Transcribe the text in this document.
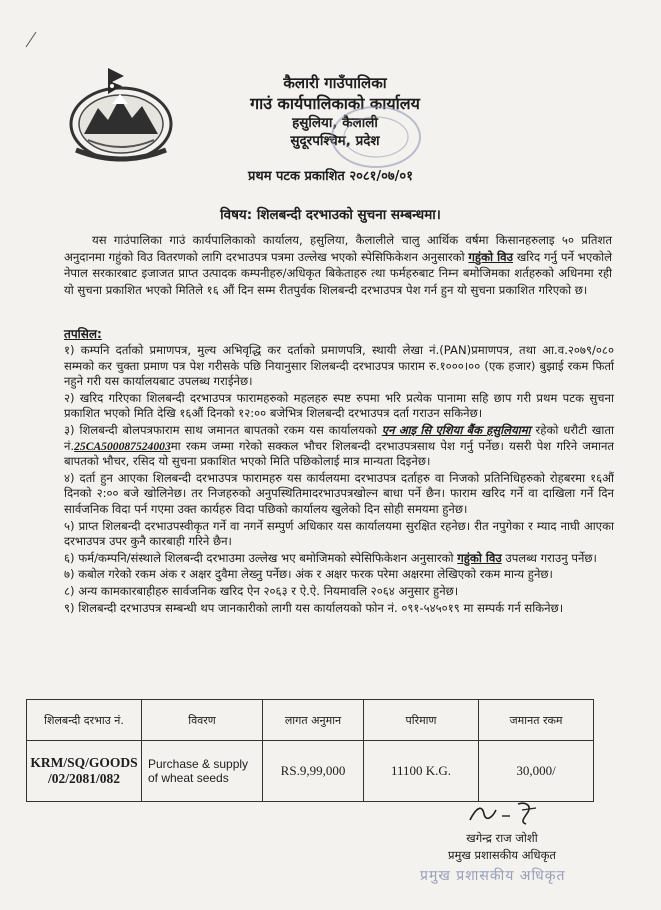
कैलारी गाउँपालिका
गाउं कार्यपालिकाको कार्यालय
हसुलिया, कैलाली
सुदूरपश्चिम, प्रदेश
प्रथम पटक प्रकाशित २०८१/०७/०१
विषय: शिलबन्दी दरभाउको सुचना सम्बन्धमा।
यस गाउंपालिका गाउं कार्यपालिकाको कार्यालय, हसुलिया, कैलालीले चालु आर्थिक वर्षमा किसानहरुलाइ ५० प्रतिशत अनुदानमा गहुंको विउ वितरणको लागि दरभाउपत्र पत्रमा उल्लेख भएको स्पेसिफिकेशन अनुसारको गहुंको विउ खरिद गर्नु पर्ने भएकोले नेपाल सरकारबाट इजाजत प्राप्त उत्पादक कम्पनीहरु/अधिकृत बिकेताहरु त्था फर्महरुबाट निम्न बमोजिमका शर्तहरुको अधिनमा रही यो सुचना प्रकाशित भएको मितिले १६ औं दिन सम्म रीतपुर्वक शिलबन्दी दरभाउपत्र पेश गर्न हुन यो सुचना प्रकाशित गरिएको छ।
तपसिल:

१) कम्पनि दर्ताको प्रमाणपत्र, मुल्य अभिवृद्धि कर दर्ताको प्रमाणपत्रि, स्थायी लेखा नं.(PAN)प्रमाणपत्र, तथा आ.व.२०७९/०८० सम्मको कर चुक्ता प्रमाण पत्र पेश गरीसके पछि नियानुसार शिलबन्दी दरभाउपत्र फाराम रु.१०००।०० (एक हजार) बुझाई रकम फिर्ता नहुने गरी यस कार्यालयबाट उपलब्ध गराईनेछ।

२) खरिद गरिएका शिलबन्दी दरभाउपत्र फारामहरुको महलहरु स्पष्ट रुपमा भरि प्रत्येक पानामा सहि छाप गरी प्रथम पटक सुचना प्रकाशित भएको मिति देखि १६औं दिनको १२:०० बजेभित्र शिलबन्दी दरभाउपत्र दर्ता गराउन सकिनेछ।

३) शिलबन्दी बोलपत्रफाराम साथ जमानत बापतको रकम यस कार्यालयको एन आइ सि एशिया बैंक हसुलियामा रहेको धरौटी खाता नं.25CA500087524003मा रकम जम्मा गरेको सक्कल भौचर शिलबन्दी दरभाउपत्रसाथ पेश गर्नु पर्नेछ। यसरी पेश गरिने जमानत बापतको भौचर, रसिद यो सुचना प्रकाशित भएको मिति पछिकोलाई मात्र मान्यता दिइनेछ।

४) दर्ता हुन आएका शिलबन्दी दरभाउपत्र फारामहरु यस कार्यलयमा दरभाउपत्र दर्ताहरु वा निजको प्रतिनिधिहरुको रोहबरमा १६औं दिनको २:०० बजे खोलिनेछ। तर निजहरुको अनुपस्थितिमादरभाउपत्रखोल्न बाधा पर्ने छैन। फाराम खरिद गर्ने वा दाखिला गर्ने दिन सार्वजनिक विदा पर्न गएमा उक्त कार्यहरु विदा पछिको कार्यालय खुलेको दिन सोही समयमा हुनेछ।

५) प्राप्त शिलबन्दी दरभाउपस्वीकृत गर्ने वा नगर्ने सम्पुर्ण अधिकार यस कार्यालयमा सुरक्षित रहनेछ। रीत नपुगेका र म्याद नाघी आएका दरभाउपत्र उपर कुनै कारबाही गरिने छैन।

६) फर्म/कम्पनि/संस्थाले शिलबन्दी दरभाउमा उल्लेख भए बमोजिमको स्पेसिफिकेशन अनुसारको गहुंको विउ उपलब्ध गराउनु पर्नेछ।

७) कबोल गरेको रकम अंक र अक्षर दुवैमा लेख्नु पर्नेछ। अंक र अक्षर फरक परेमा अक्षरमा लेखिएको रकम मान्य हुनेछ।

८) अन्य कामकारबाहीहरु सार्वजनिक खरिद ऐन २०६३ र ऐ.ऐ. नियमावलि २०६४ अनुसार हुनेछ।

९) शिलबन्दी दरभाउपत्र सम्बन्धी थप जानकारीको लागी यस कार्यालयको फोन नं. ०९१-५४५०१९ मा सम्पर्क गर्न सकिनेछ।

शिलबन्दी दरभाउ नं.	विवरण	लागत अनुमान	परिमाण	जमानत रकम

KRM/SQ/GOODS
/02/2081/082	Purchase & supply of wheat seeds	RS.9,99,000	11100 K.G.	30,000/
खगेन्द्र राज जोशी
प्रमुख प्रशासकीय अधिकृत
प्रमुख प्रशासकीय अधिकृत
